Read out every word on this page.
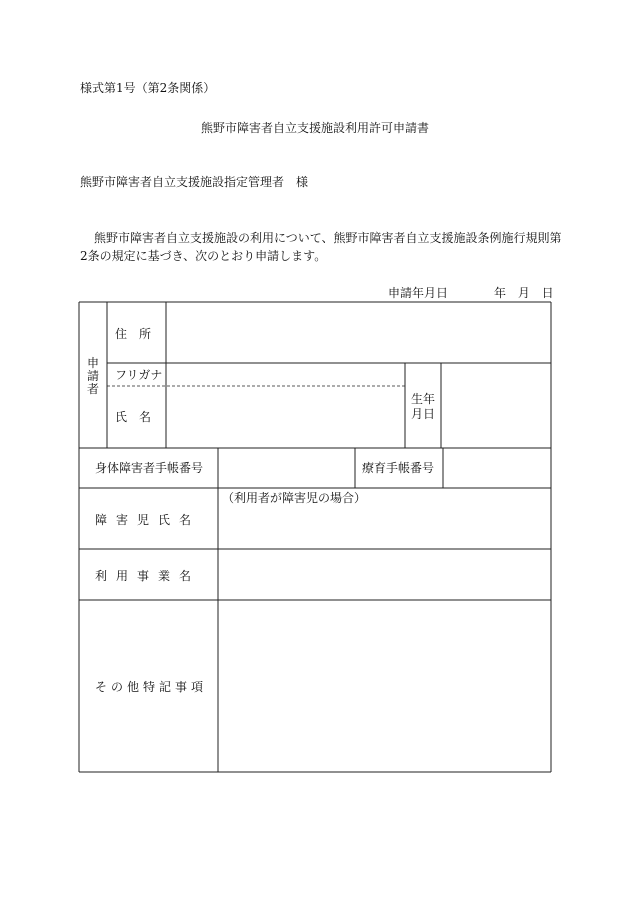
様式第1号（第2条関係）
熊野市障害者自立支援施設利用許可申請書
熊野市障害者自立支援施設指定管理者　様
熊野市障害者自立支援施設の利用について、熊野市障害者自立支援施設条例施行規則第
2条の規定に基づき、次のとおり申請します。
申請年月日	年 月 日
申請者
住　所
フリガナ
氏　名
生年
月日
身体障害者手帳番号	療育手帳番号
障害児氏名
（利用者が障害児の場合）
利用事業名
その他特記事項
